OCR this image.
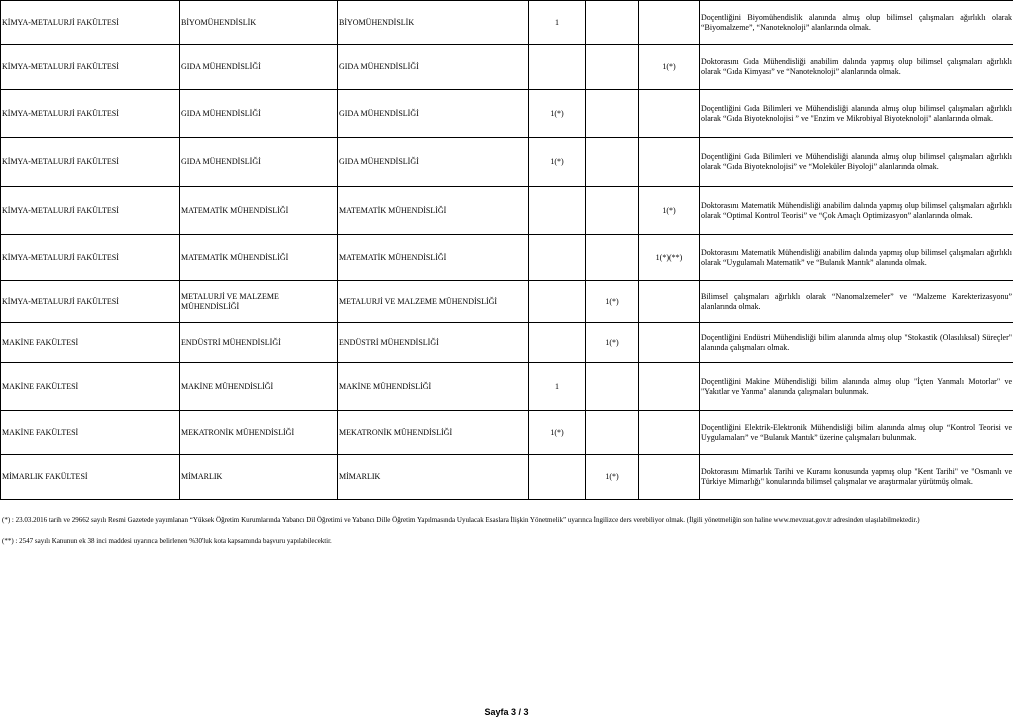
KİMYA-METALURJİ FAKÜLTESİ	BİYOMÜHENDİSLİK	BİYOMÜHENDİSLİK	1			Doçentliğini Biyomühendislik alanında almış olup bilimsel çalışmaları ağırlıklı olarak “Biyomalzeme”, “Nanoteknoloji” alanlarında olmak.
KİMYA-METALURJİ FAKÜLTESİ	GIDA MÜHENDİSLİĞİ	GIDA MÜHENDİSLİĞİ			1(*)	Doktorasını Gıda Mühendisliği anabilim dalında yapmış olup bilimsel çalışmaları ağırlıklı olarak “Gıda Kimyası” ve “Nanoteknoloji” alanlarında olmak.
KİMYA-METALURJİ FAKÜLTESİ	GIDA MÜHENDİSLİĞİ	GIDA MÜHENDİSLİĞİ	1(*)			Doçentliğini Gıda Bilimleri ve Mühendisliği alanında almış olup bilimsel çalışmaları ağırlıklı olarak “Gıda Biyoteknolojisi ” ve "Enzim ve Mikrobiyal Biyoteknoloji" alanlarında olmak.
KİMYA-METALURJİ FAKÜLTESİ	GIDA MÜHENDİSLİĞİ	GIDA MÜHENDİSLİĞİ	1(*)			Doçentliğini Gıda Bilimleri ve Mühendisliği alanında almış olup bilimsel çalışmaları ağırlıklı olarak “Gıda Biyoteknolojisi” ve “Moleküler Biyoloji” alanlarında olmak.
KİMYA-METALURJİ FAKÜLTESİ	MATEMATİK MÜHENDİSLİĞİ	MATEMATİK MÜHENDİSLİĞİ			1(*)	Doktorasını Matematik Mühendisliği anabilim dalında yapmış olup bilimsel çalışmaları ağırlıklı olarak “Optimal Kontrol Teorisi” ve “Çok Amaçlı Optimizasyon” alanlarında olmak.
KİMYA-METALURJİ FAKÜLTESİ	MATEMATİK MÜHENDİSLİĞİ	MATEMATİK MÜHENDİSLİĞİ			1(*)(**)	Doktorasını Matematik Mühendisliği anabilim dalında yapmış olup bilimsel çalışmaları ağırlıklı olarak “Uygulamalı Matematik” ve “Bulanık Mantık” alanında olmak.
KİMYA-METALURJİ FAKÜLTESİ	METALURJİ VE MALZEME MÜHENDİSLİĞİ	METALURJİ VE MALZEME MÜHENDİSLİĞİ		1(*)		Bilimsel çalışmaları ağırlıklı olarak “Nanomalzemeler” ve “Malzeme Karekterizasyonu” alanlarında olmak.
MAKİNE FAKÜLTESİ	ENDÜSTRİ MÜHENDİSLİĞİ	ENDÜSTRİ MÜHENDİSLİĞİ		1(*)		Doçentliğini Endüstri Mühendisliği bilim alanında almış olup "Stokastik (Olasılıksal) Süreçler" alanında çalışmaları olmak.
MAKİNE FAKÜLTESİ	MAKİNE MÜHENDİSLİĞİ	MAKİNE MÜHENDİSLİĞİ	1			Doçentliğini Makine Mühendisliği bilim alanında almış olup "İçten Yanmalı Motorlar" ve "Yakıtlar ve Yanma" alanında çalışmaları bulunmak.
MAKİNE FAKÜLTESİ	MEKATRONİK MÜHENDİSLİĞİ	MEKATRONİK MÜHENDİSLİĞİ	1(*)			Doçentliğini Elektrik-Elektronik Mühendisliği bilim alanında almış olup “Kontrol Teorisi ve Uygulamaları” ve “Bulanık Mantık” üzerine çalışmaları bulunmak.
MİMARLIK FAKÜLTESİ	MİMARLIK	MİMARLIK		1(*)		Doktorasını Mimarlık Tarihi ve Kuramı konusunda yapmış olup "Kent Tarihi" ve "Osmanlı ve Türkiye Mimarlığı" konularında bilimsel çalışmalar ve araştırmalar yürütmüş olmak.

(*) : 23.03.2016 tarih ve 29662 sayılı Resmi Gazetede yayımlanan “Yüksek Öğretim Kurumlarında Yabancı Dil Öğretimi ve Yabancı Dille Öğretim Yapılmasında Uyulacak Esaslara İlişkin Yönetmelik” uyarınca İngilizce ders verebiliyor olmak. (İlgili yönetmeliğin son haline www.mevzuat.gov.tr adresinden ulaşılabilmektedir.)

(**) : 2547 sayılı Kanunun ek 38 inci maddesi uyarınca belirlenen %30'luk kota kapsamında başvuru yapılabilecektir.

Sayfa 3 / 3
